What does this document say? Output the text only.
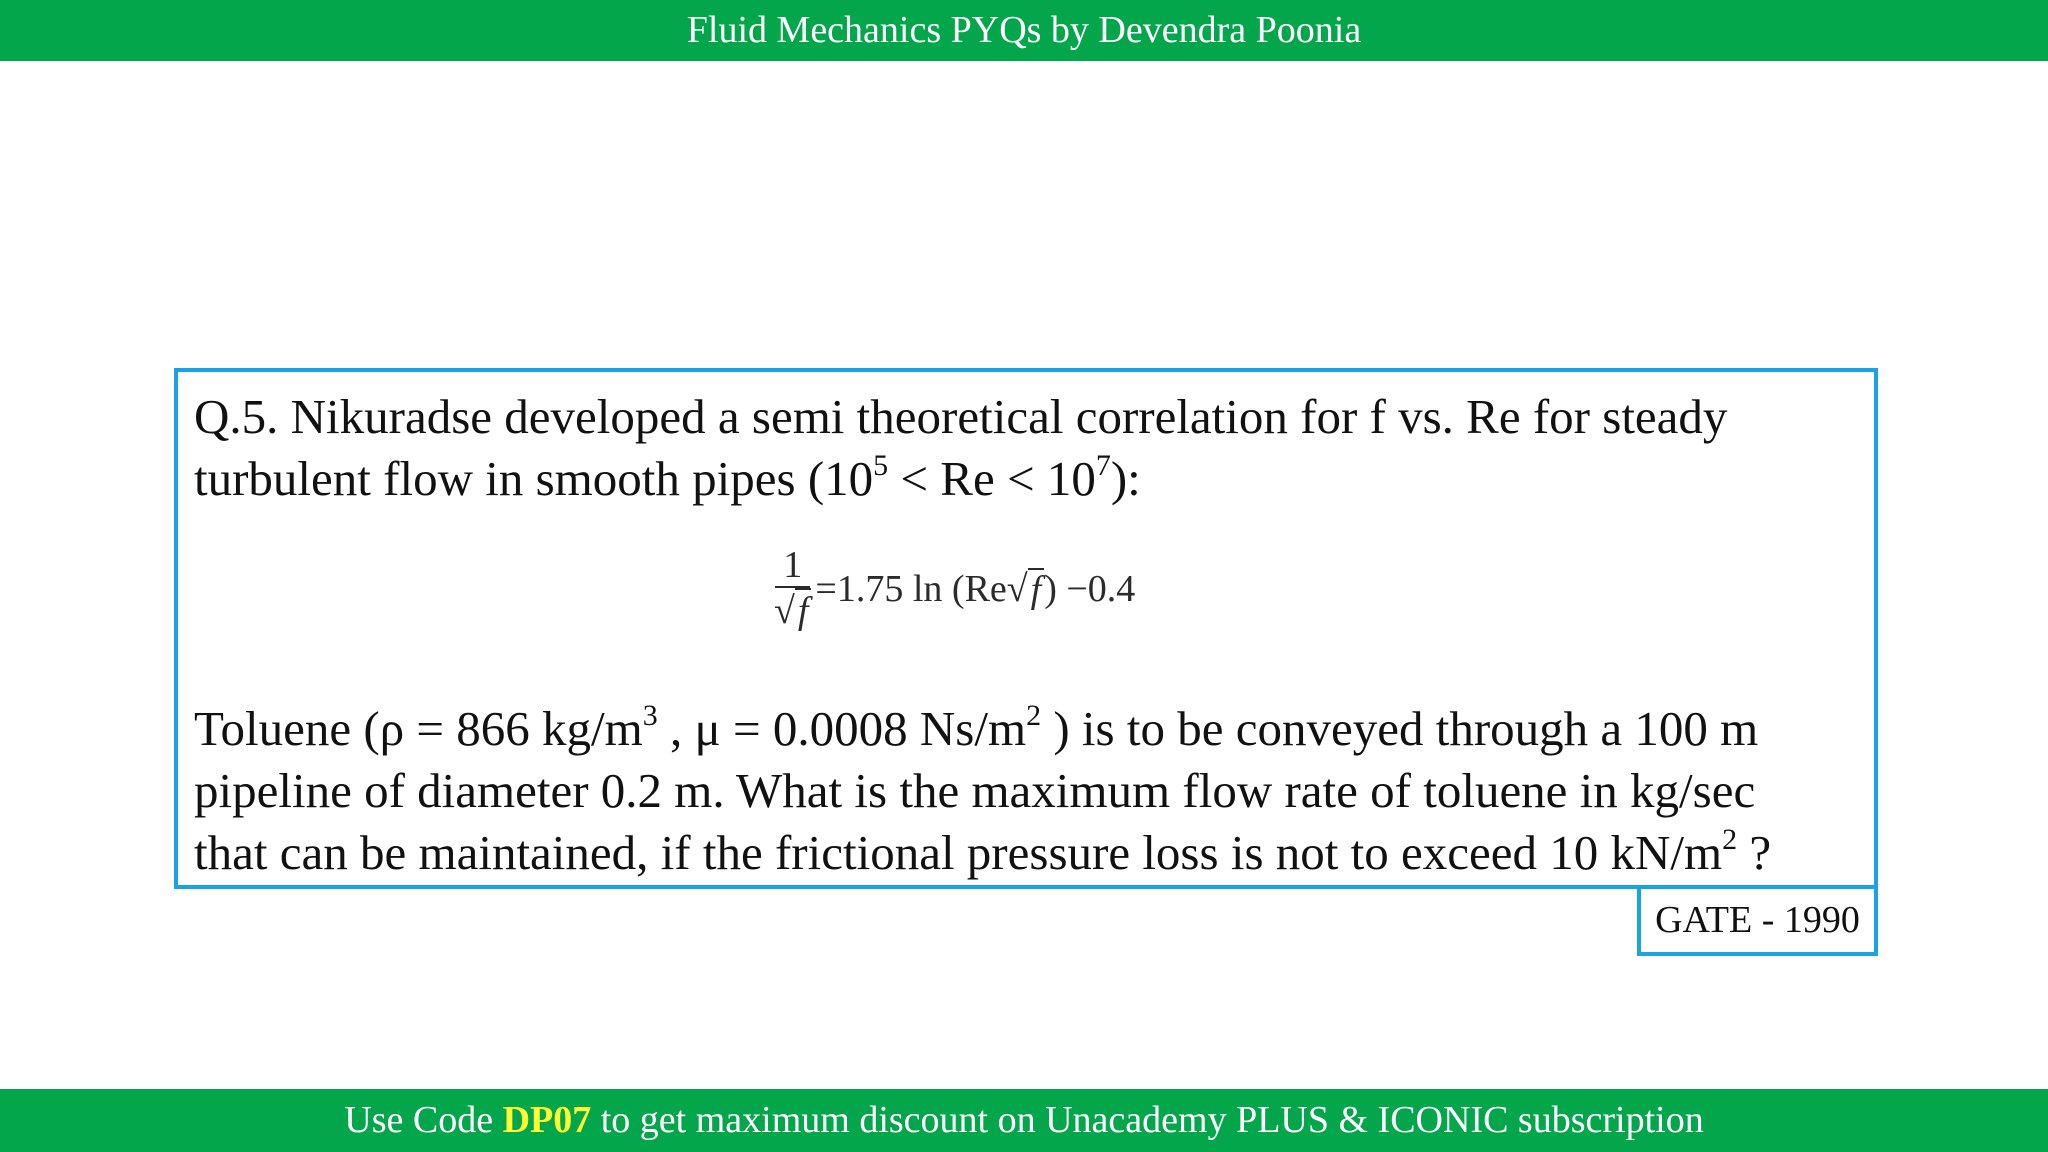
Fluid Mechanics PYQs by Devendra Poonia
Q.5. Nikuradse developed a semi theoretical correlation for f vs. Re for steady
turbulent flow in smooth pipes $(10^5 < Re < 10^7)$:
$\frac{1}{√f} =1.75$ ln (Re √ f ) −0.4
Toluene (ρ = 866 $kg/m^3$ , μ = 0.0008 $Ns/m^2$ ) is to be conveyed through a 100 m
pipeline of diameter 0.2 m. What is the maximum flow rate of toluene in kg/sec
that can be maintained, if the frictional pressure loss is not to exceed 10 $kN/m^2$ ?
GATE - 1990
Use Code DP07 to get maximum discount on Unacademy PLUS & ICONIC subscription
